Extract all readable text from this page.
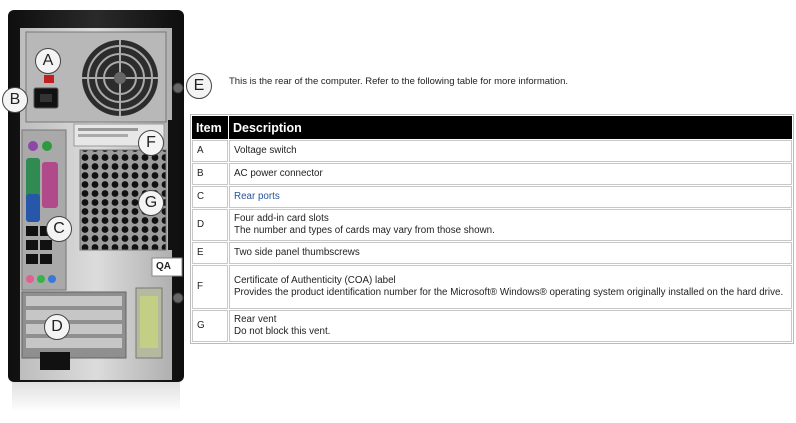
A
B
C
D
E
F
G
QA
This is the rear of the computer. Refer to the following table for more information.
Item	Description
A	Voltage switch
B	AC power connector
C	Rear ports
D	Four add-in card slots
The number and types of cards may vary from those shown.

E	Two side panel thumbscrews
F	Certificate of Authenticity (COA) label
Provides the product identification number for the Microsoft® Windows® operating system originally installed on the hard drive.

G	Rear vent
Do not block this vent.
